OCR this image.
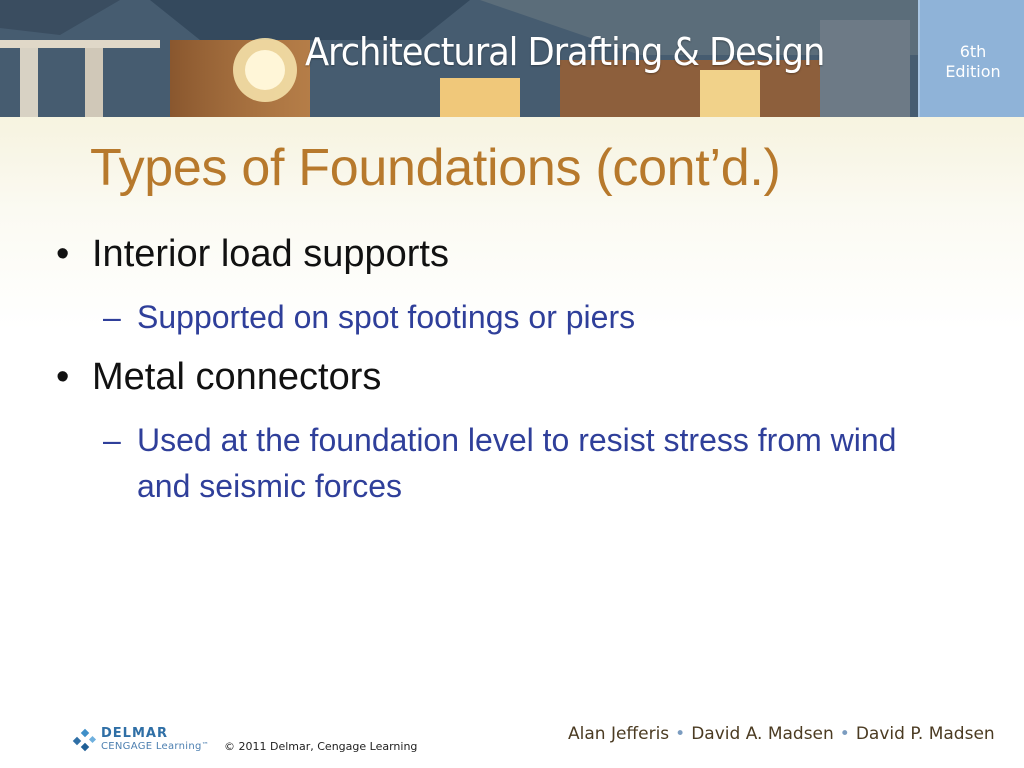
Architectural Drafting & Design	6th
Edition
Types of Foundations (cont’d.)
• Interior load supports
– Supported on spot footings or piers
• Metal connectors
– Used at the foundation level to resist stress from wind and seismic forces
DELMAR
CENGAGE Learning™ © 2011 Delmar, Cengage Learning
Alan Jefferis • David A. Madsen • David P. Madsen
